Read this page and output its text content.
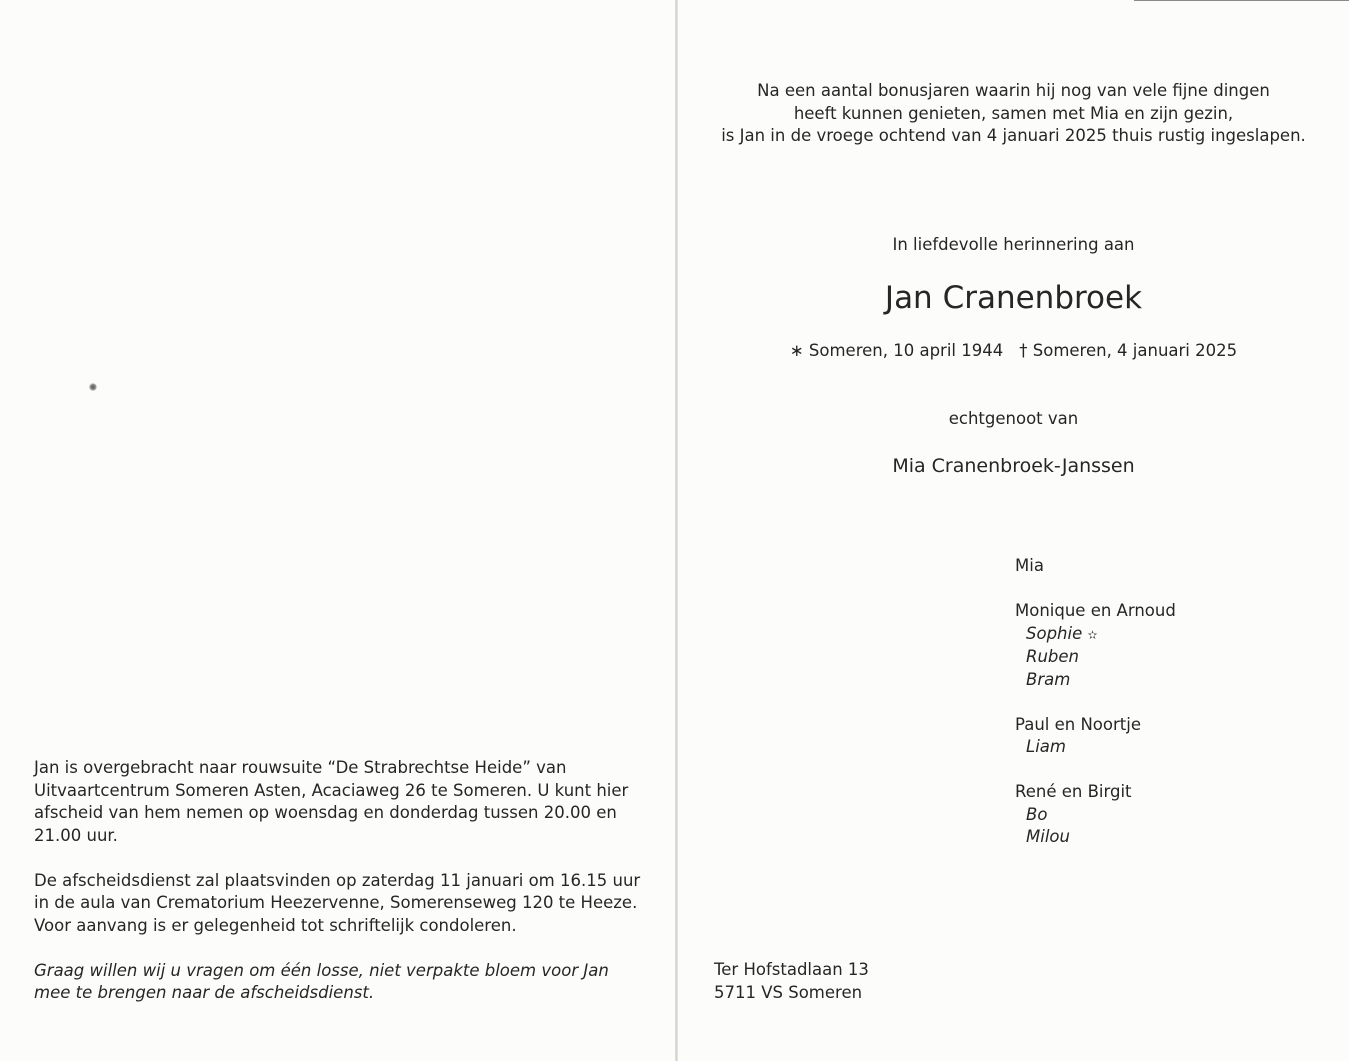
Na een aantal bonusjaren waarin hij nog van vele fijne dingen
heeft kunnen genieten, samen met Mia en zijn gezin,
is Jan in de vroege ochtend van 4 januari 2025 thuis rustig ingeslapen.
In liefdevolle herinnering aan
Jan Cranenbroek
∗ Someren, 10 april 1944 † Someren, 4 januari 2025
echtgenoot van
Mia Cranenbroek-Janssen
Mia
Monique en Arnoud
Sophie ✫
Ruben
Bram
Paul en Noortje
Liam
René en Birgit
Bo
Milou
Ter Hofstadlaan 13
5711 VS Someren

Jan is overgebracht naar rouwsuite “De Strabrechtse Heide” van Uitvaartcentrum Someren Asten, Acaciaweg 26 te Someren. U kunt hier afscheid van hem nemen op woensdag en donderdag tussen 20.00 en 21.00 uur.

De afscheidsdienst zal plaatsvinden op zaterdag 11 januari om 16.15 uur in de aula van Crematorium Heezervenne, Somerenseweg 120 te Heeze. Voor aanvang is er gelegenheid tot schriftelijk condoleren.

Graag willen wij u vragen om één losse, niet verpakte bloem voor Jan mee te brengen naar de afscheidsdienst.
